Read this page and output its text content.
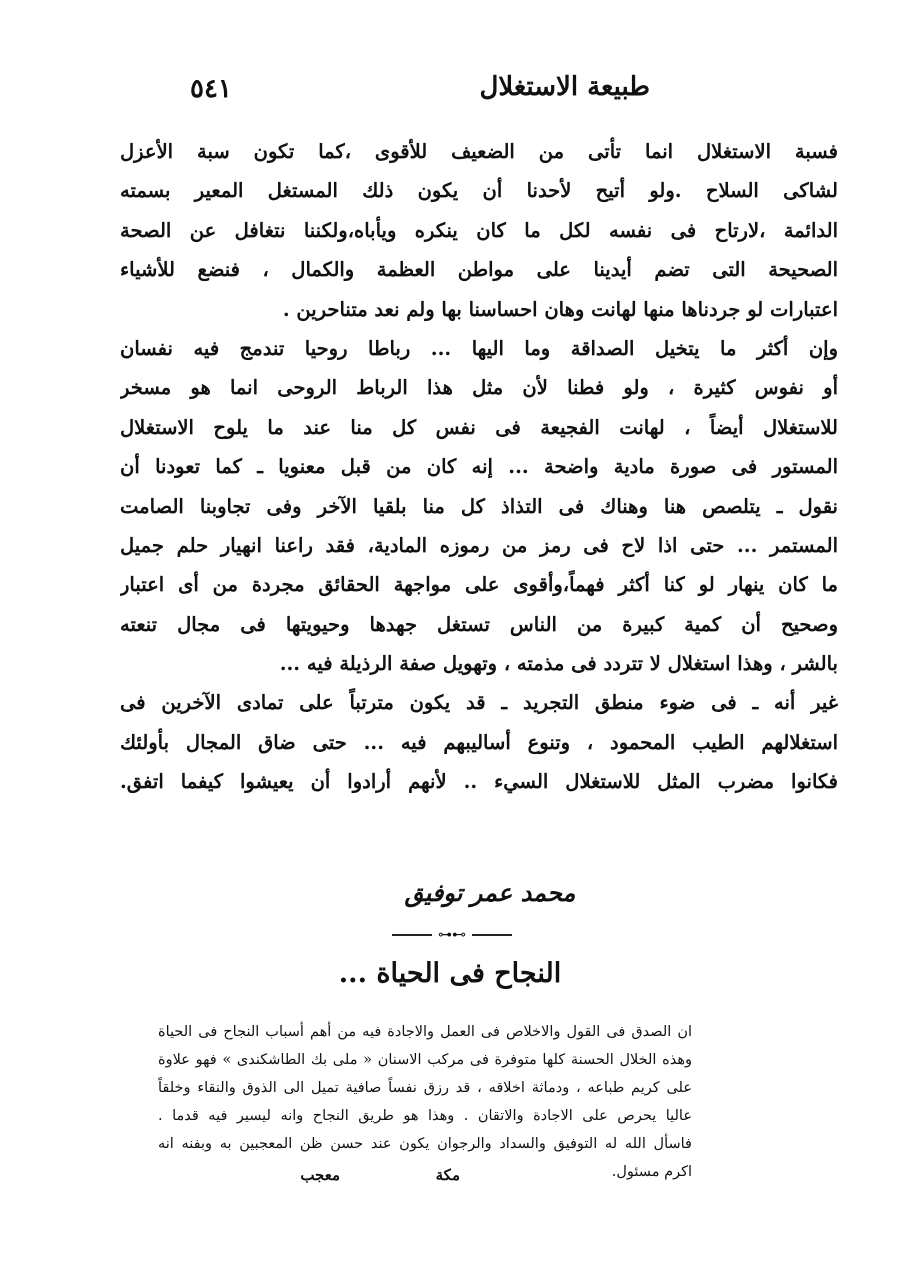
طبيعة الاستغلال
٥٤١
فسبة الاستغلال انما تأتى من الضعيف للأقوى ،كما تكون سبة الأعزل
لشاكى السلاح .ولو أتيح لأحدنا أن يكون ذلك المستغل المعير بسمته
الدائمة ،لارتاح فى نفسه لكل ما كان ينكره ويأباه،ولكننا نتغافل عن الصحة
الصحيحة التى تضم أيدينا على مواطن العظمة والكمال ، فنضع للأشياء
اعتبارات لو جردناها منها لهانت وهان احساسنا بها ولم نعد متناحرين .
وإن أكثر ما يتخيل الصداقة وما اليها ... رباطا روحيا تندمج فيه نفسان
أو نفوس كثيرة ، ولو فطنا لأن مثل هذا الرباط الروحى انما هو مسخر
للاستغلال أيضاً ، لهانت الفجيعة فى نفس كل منا عند ما يلوح الاستغلال
المستور فى صورة مادية واضحة ... إنه كان من قبل معنويا ـ كما تعودنا أن
نقول ـ يتلصص هنا وهناك فى التذاذ كل منا بلقيا الآخر وفى تجاوبنا الصامت
المستمر ... حتى اذا لاح فى رمز من رموزه المادية، فقد راعنا انهيار حلم جميل
ما كان ينهار لو كنا أكثر فهماً،وأقوى على مواجهة الحقائق مجردة من أى اعتبار
وصحيح أن كمية كبيرة من الناس تستغل جهدها وحيويتها فى مجال تنعته
بالشر ، وهذا استغلال لا تتردد فى مذمته ، وتهويل صفة الرذيلة فيه ...
غير أنه ـ فى ضوء منطق التجريد ـ قد يكون مترتباً على تمادى الآخرين فى
استغلالهم الطيب المحمود ، وتنوع أساليبهم فيه ... حتى ضاق المجال بأولئك
فكانوا مضرب المثل للاستغلال السيء .. لأنهم أرادوا أن يعيشوا كيفما اتفق.
محمد عمر توفيق
⊶⊷
النجاح فى الحياة ...
ان الصدق فى القول والاخلاص فى العمل والاجادة فيه من أهم أسباب النجاح فى الحياة
وهذه الخلال الحسنة كلها متوفرة فى مركب الاسنان « ملى بك الطاشكندى » فهو علاوة
على كريم طباعه ، ودماثة اخلاقه ، قد رزق نفساً صافية تميل الى الذوق والنقاء وخلقاً
عاليا يحرص على الاجادة والاتقان . وهذا هو طريق النجاح وانه ليسير فيه قدما .
فاسأل الله له التوفيق والسداد والرجوان يكون عند حسن ظن المعجبين به وبفنه انه
اكرم مسئول.
مكة
معجب
